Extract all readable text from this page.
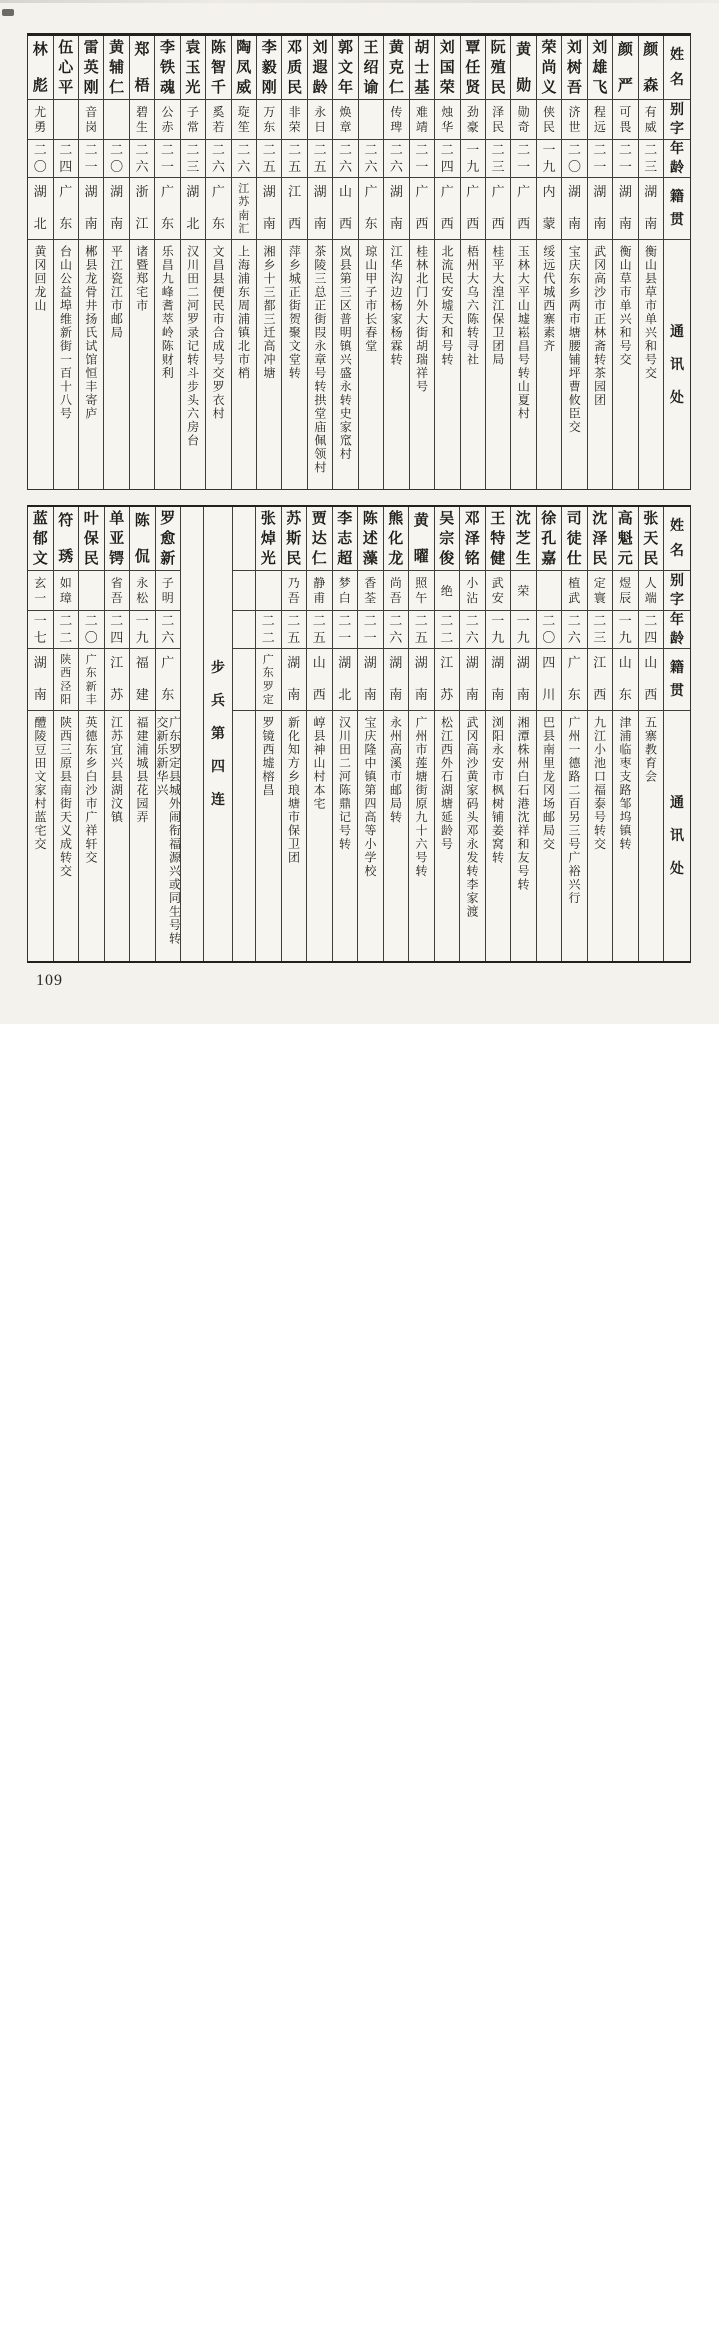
姓
名
别
字
年
龄
籍
贯
通
讯
处
颜
森
有
威
二
三
湖
南
衡山县草市单兴和号交
颜
严
可
畏
二
一
湖
南
衡山草市单兴和号交
刘
雄
飞
程
远
二
一
湖
南
武冈高沙市正林斋转茶园团
刘
树
吾
济
世
二
〇
湖
南
宝庆东乡两市塘腰铺坪曹攸臣交
荣
尚
义
侠
民
一
九
内
蒙
绥远代城西寨素齐
黄
勋
勋
奇
二
一
广
西
玉林大平山墟崧昌号转山夏村
阮
殖
民
泽
民
二
三
广
西
桂平大湟江保卫团局
覃
任
贤
劲
豪
一
九
广
西
梧州大乌六陈转寻社
刘
国
荣
烛
华
二
四
广
西
北流民安墟天和号转
胡
士
基
难
靖
二
一
广
西
桂林北门外大街胡瑞祥号
黄
克
仁
传
琕
二
六
湖
南
江华沟边杨家杨霖转
王
绍
谕
二
六
广
东
琼山甲子市长春堂
郭
文
年
焕
章
二
六
山
西
岚县第三区普明镇兴盛永转史家窊村
刘
遐
龄
永
日
二
五
湖
南
茶陵三总正街叚永章号转拱堂庙佩领村
邓
质
民
非
荣
二
五
江
西
萍乡城正街贺聚文堂转
李
毅
刚
万
东
二
五
湖
南
湘乡十三都三迁高冲塘
陶
凤
威
琁
笙
二
六
江
苏
南
汇
上海浦东周浦镇北市梢
陈
智
千
奚
若
二
六
广
东
文昌县便民市合成号交罗衣村
袁
玉
光
子
常
二
三
湖
北
汉川田二河罗录记转斗步头六房台
李
铁
魂
公
赤
二
一
广
东
乐昌九峰耆萃岭陈财利
郑
梧
碧
生
二
六
浙
江
诸暨郑宅市
黄
辅
仁
二
〇
湖
南
平江瓷江市邮局
雷
英
刚
音
岗
二
一
湖
南
郴县龙骨井扬氏试馆恒丰寄庐
伍
心
平
二
四
广
东
台山公益埠维新街一百十八号
林
彪
尤
勇
二
〇
湖
北
黄冈回龙山
姓
名
别
字
年
龄
籍
贯
通
讯
处
张
天
民
人
端
二
四
山
西
五寨教育会
高
魁
元
煜
辰
一
九
山
东
津浦临枣支路邹坞镇转
沈
泽
民
定
寰
二
三
江
西
九江小池口福泰号转交
司
徒
仕
植
武
二
六
广
东
广州一德路二百另三号广裕兴行
徐
孔
嘉
二
〇
四
川
巴县南里龙冈场邮局交
沈
芝
生
荣
一
九
湖
南
湘潭株州白石港沈祥和友号转
王
特
健
武
安
一
九
湖
南
浏阳永安市枫树铺姜窝转
邓
泽
铭
小
沾
二
六
湖
南
武冈高沙黄家码头邓永发转李家渡
吴
宗
俊
绝
二
二
江
苏
松江西外石湖塘延龄号
黄
曜
照
午
二
五
湖
南
广州市莲塘街原九十六号转
熊
化
龙
尚
吾
二
六
湖
南
永州高溪市邮局转
陈
述
藻
香
荃
二
一
湖
南
宝庆隆中镇第四高等小学校
李
志
超
梦
白
二
一
湖
北
汉川田二河陈鼎记号转
贾
达
仁
静
甫
二
五
山
西
崞县神山村本宅
苏
斯
民
乃
吾
二
五
湖
南
新化知方乡琅塘市保卫团
张
焯
光
二
二
广
东
罗
定
罗镜西墟榕昌
步
兵
第
四
连
罗
愈
新
子
明
二
六
广
东
广东罗定县城外闹衔福源兴或同生号转交新乐新华兴
陈
侃
永
松
一
九
福
建
福建浦城县花园弄
单
亚
锷
省
吾
二
四
江
苏
江苏宜兴县湖汶镇
叶
保
民
二
〇
广
东
新
丰
英德东乡白沙市广祥轩交
符
琇
如
璋
二
二
陕
西
泾
阳
陕西三原县南街天义成转交
蓝
郁
文
玄
一
一
七
湖
南
醴陵豆田文家村蓝宅交
109
